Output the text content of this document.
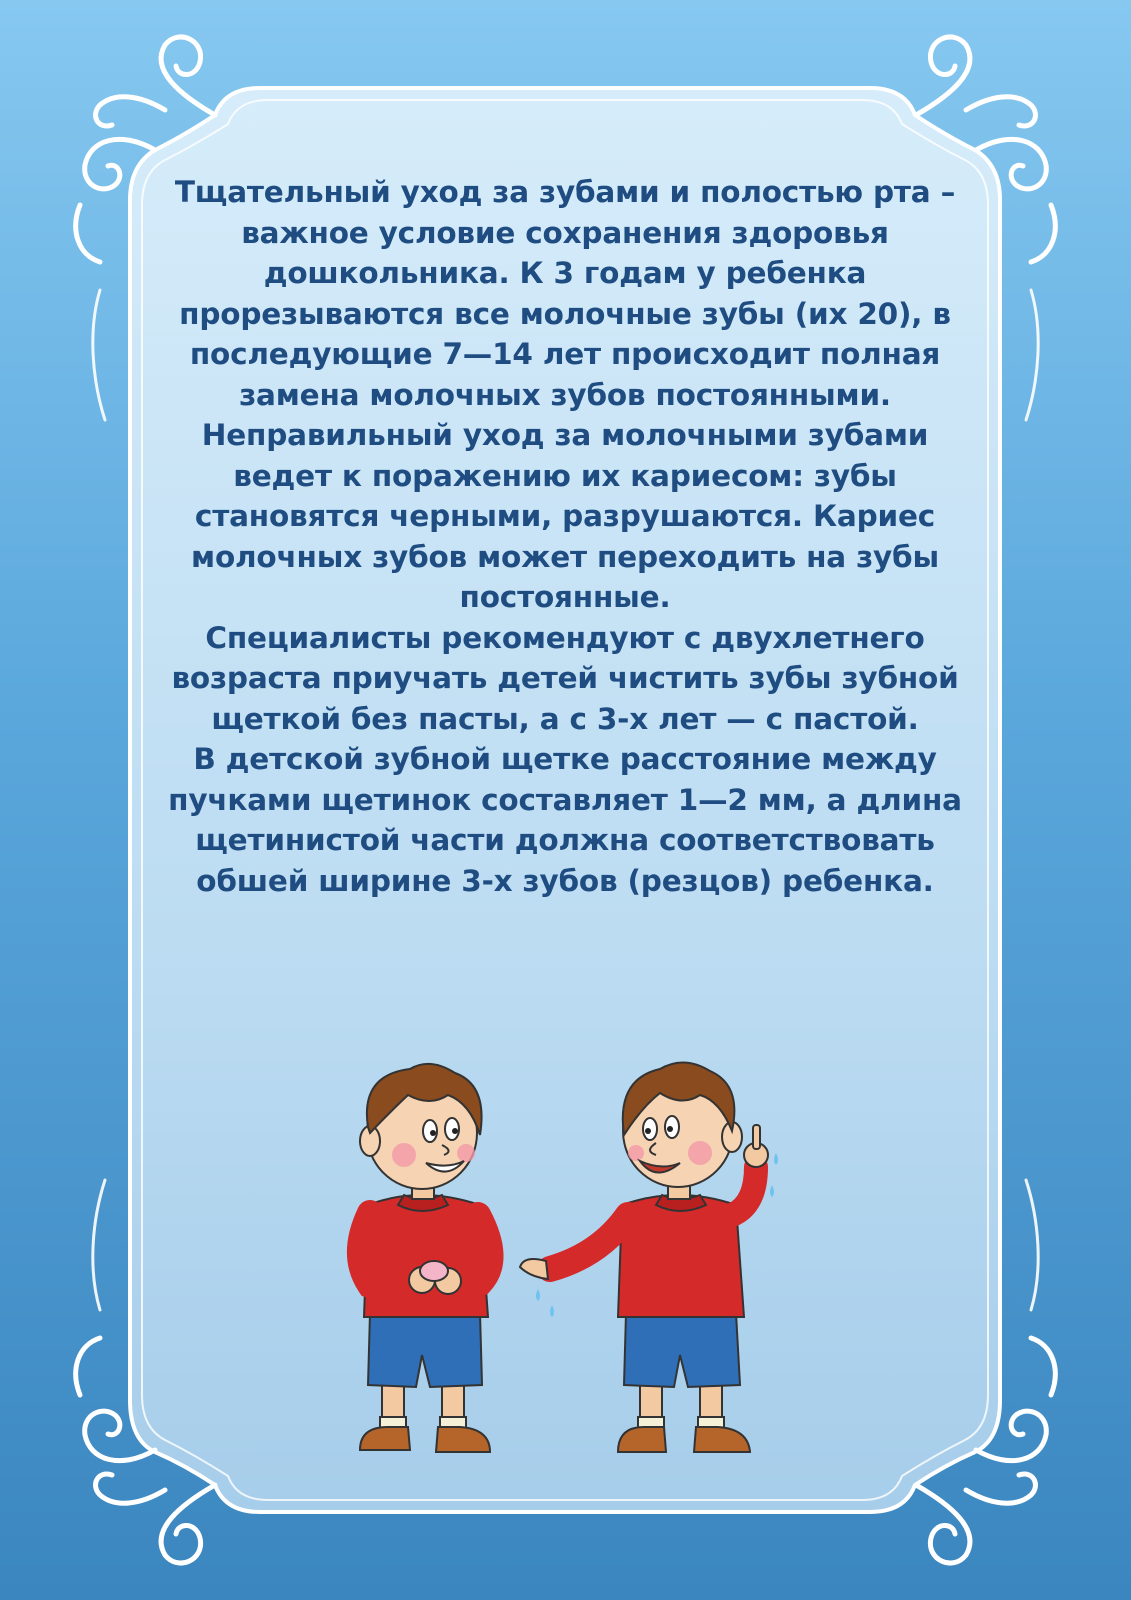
Тщательный уход за зубами и полостью рта – важное условие сохранения здоровья дошкольника. К 3 годам у ребенка прорезываются все молочные зубы (их 20), в последующие 7—14 лет происходит полная замена молочных зубов постоянными.

Неправильный уход за молочными зубами ведет к поражению их кариесом: зубы становятся черными, разрушаются. Кариес молочных зубов может переходить на зубы постоянные.

Специалисты рекомендуют с двухлетнего возраста приучать детей чистить зубы зубной щеткой без пасты, а с 3-х лет — с пастой.

В детской зубной щетке расстояние между пучками щетинок составляет 1—2 мм, а длина щетинистой части должна соответствовать обшей ширине 3-х зубов (резцов) ребенка.
